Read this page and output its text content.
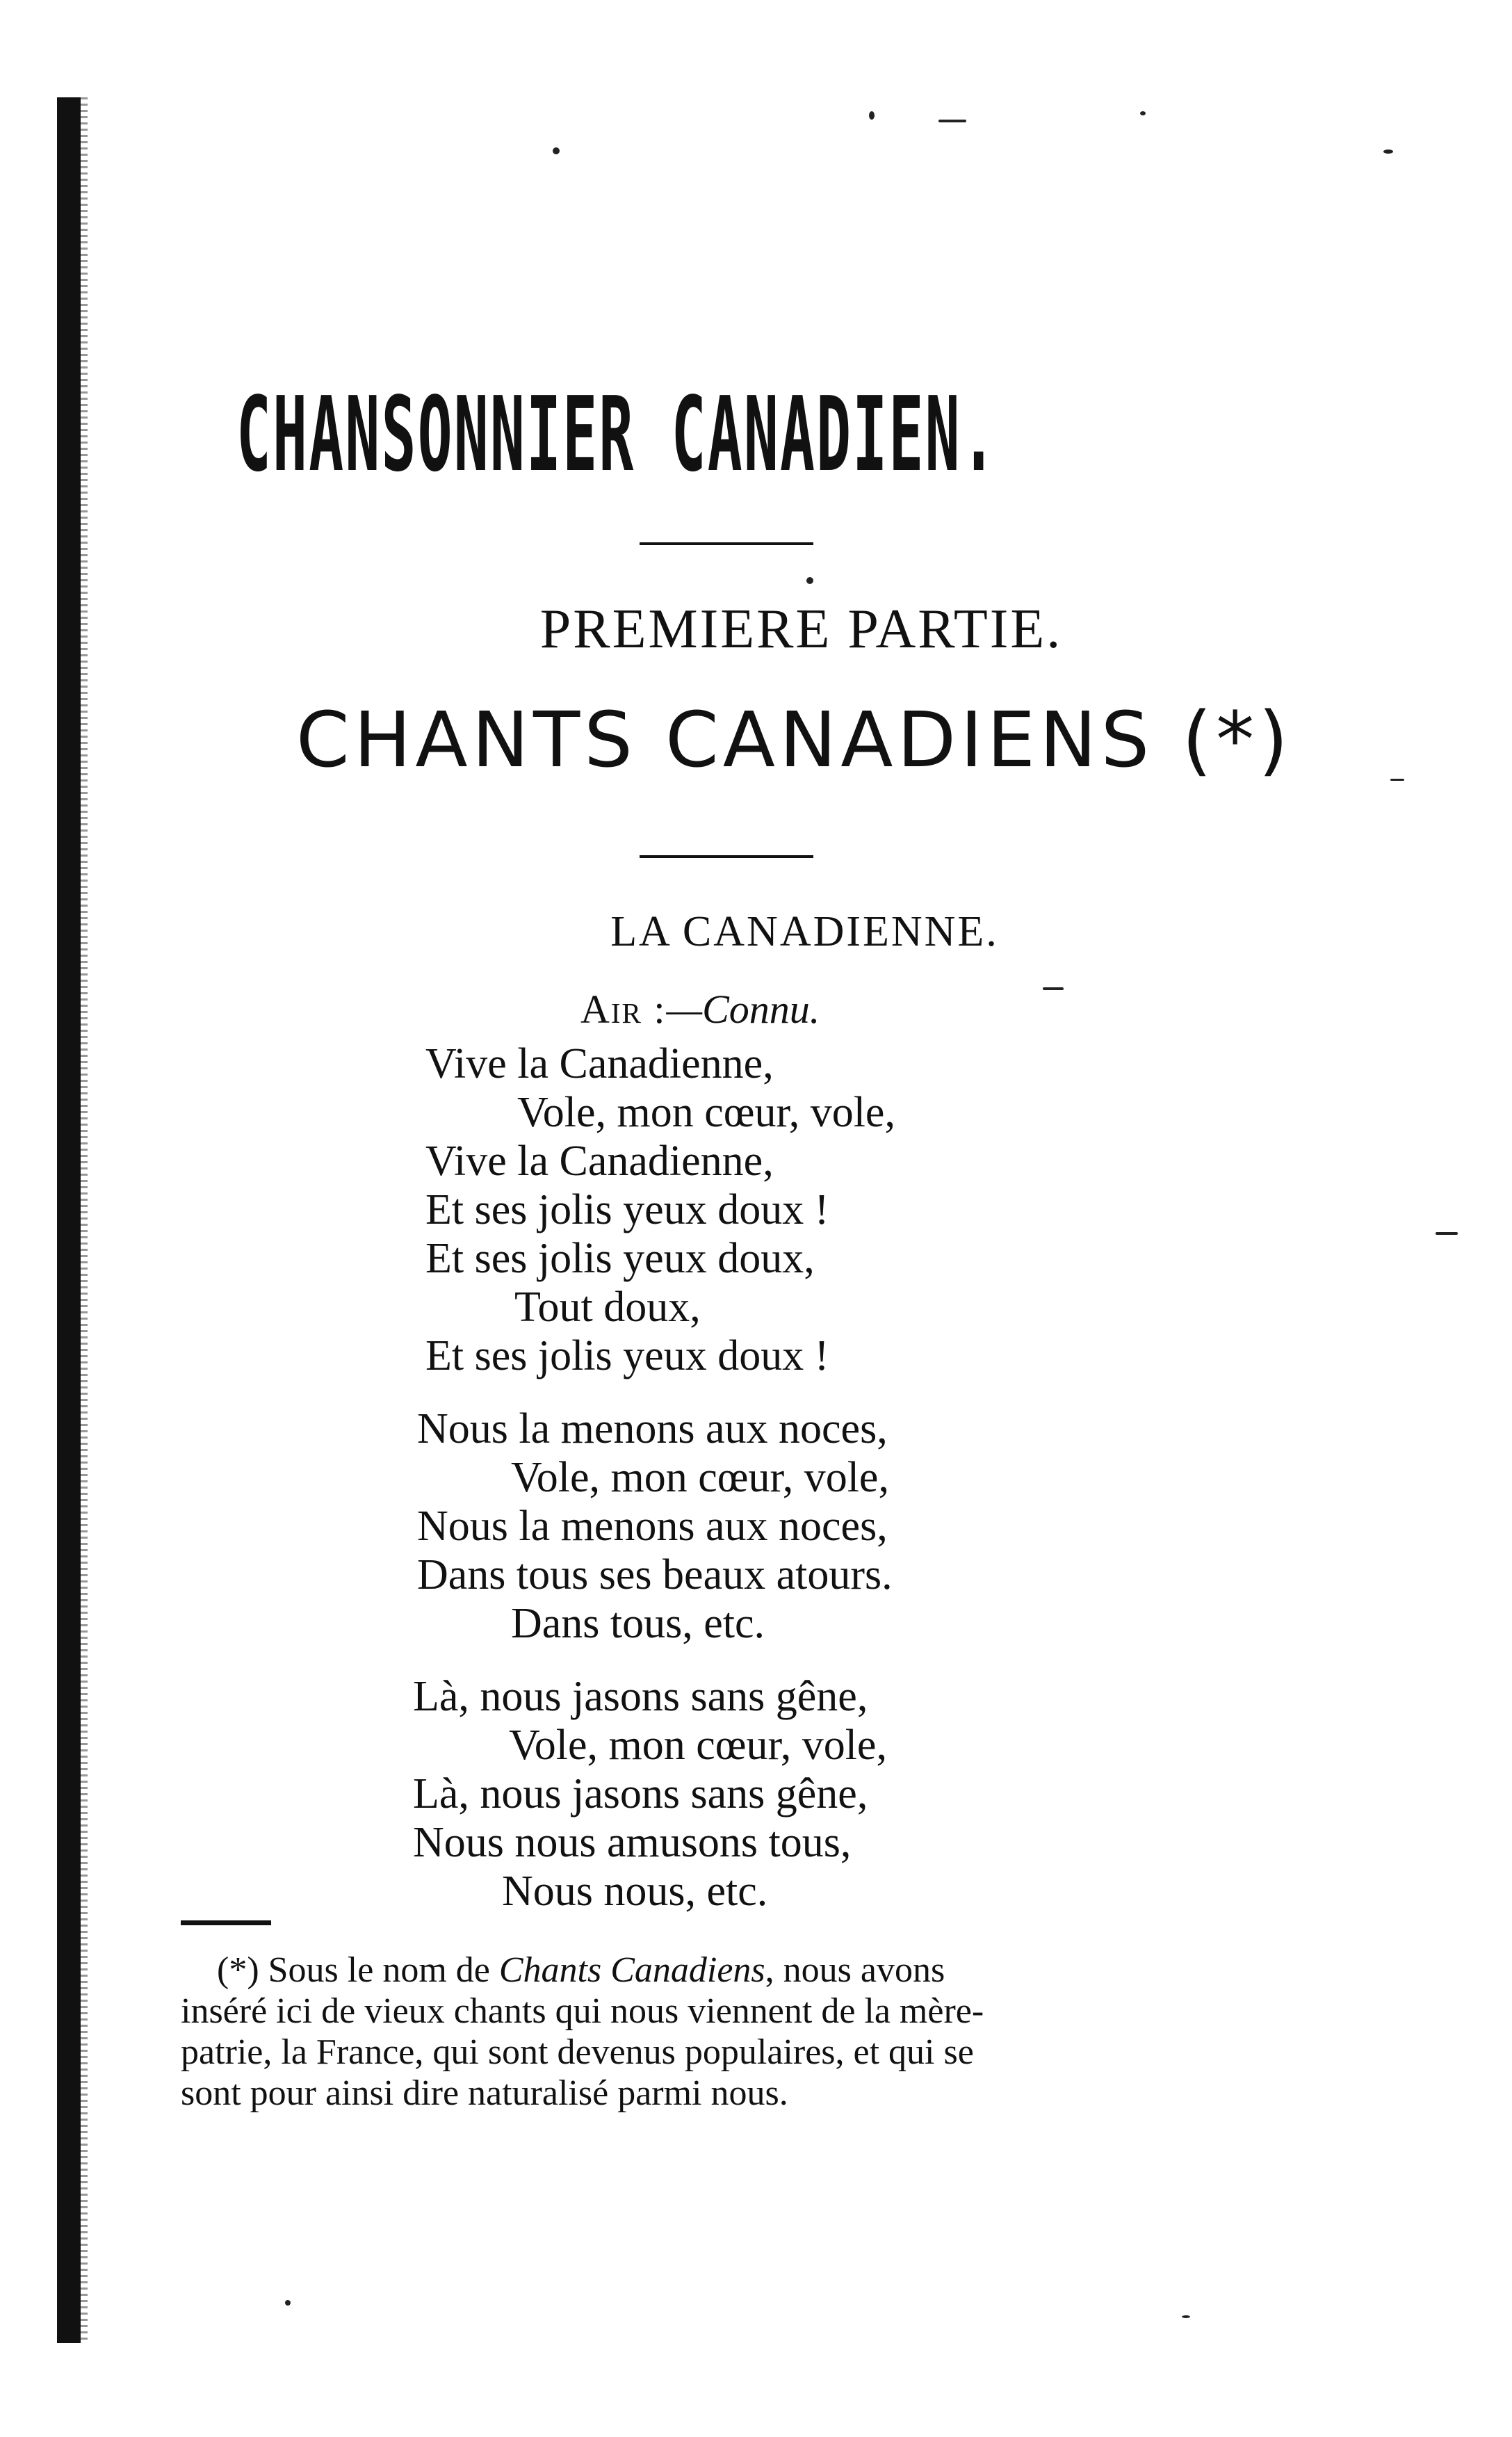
CHANSONNIER CANADIEN.
PREMIERE PARTIE.
CHANTS CANADIENS (*)
LA CANADIENNE.
Air :—Connu.
Vive la Canadienne,
Vole, mon cœur, vole,
Vive la Canadienne,
Et ses jolis yeux doux !
Et ses jolis yeux doux,
Tout doux,
Et ses jolis yeux doux !
Nous la menons aux noces,
Vole, mon cœur, vole,
Nous la menons aux noces,
Dans tous ses beaux atours.
Dans tous, etc.
Là, nous jasons sans gêne,
Vole, mon cœur, vole,
Là, nous jasons sans gêne,
Nous nous amusons tous,
Nous nous, etc.
(*) Sous le nom de Chants Canadiens, nous avons
inséré ici de vieux chants qui nous viennent de la mère-
patrie, la France, qui sont devenus populaires, et qui se
sont pour ainsi dire naturalisé parmi nous.
